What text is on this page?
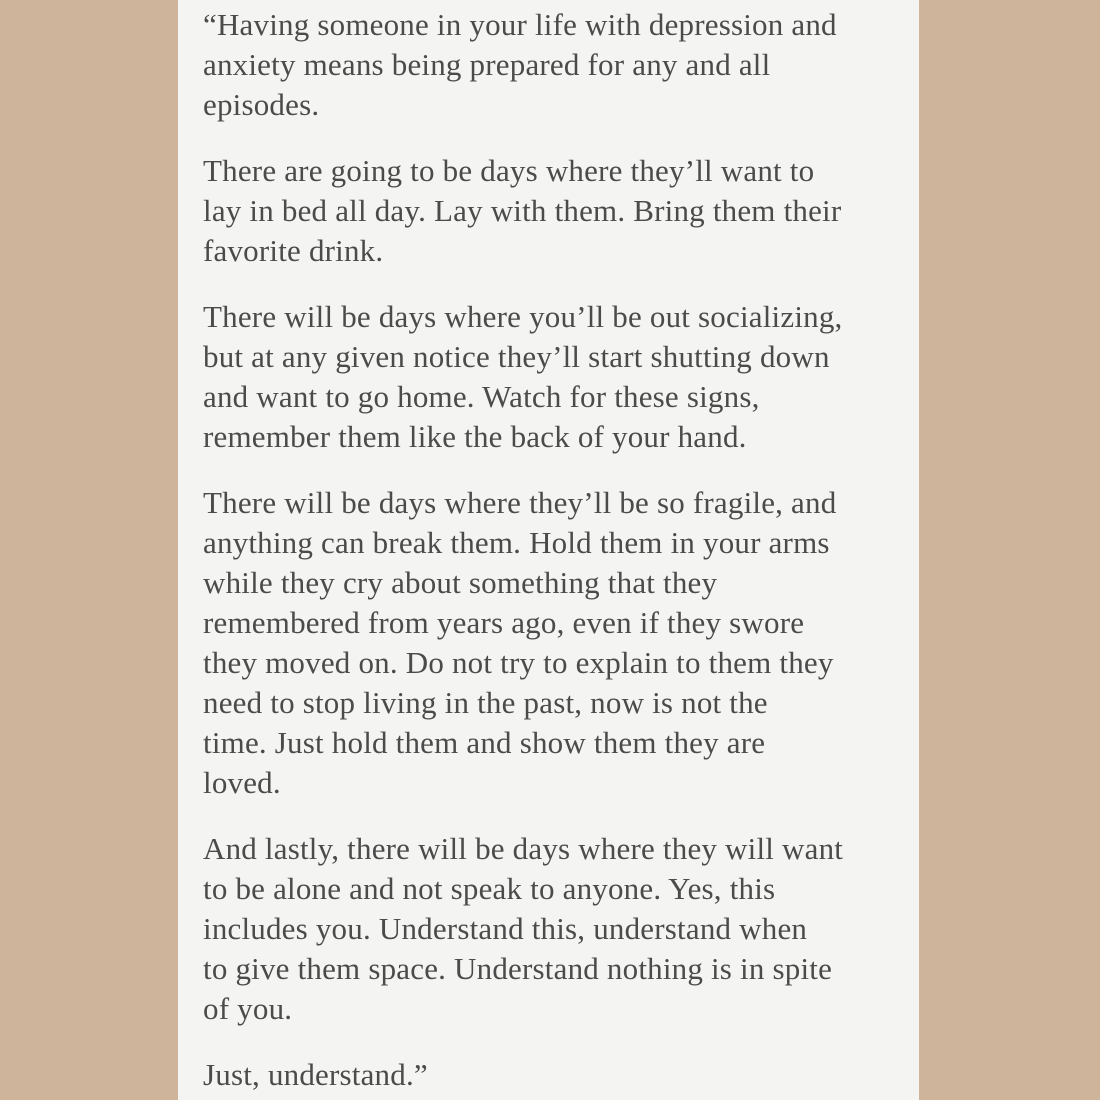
“Having someone in your life with depression and
anxiety means being prepared for any and all
episodes.

There are going to be days where they’ll want to
lay in bed all day. Lay with them. Bring them their
favorite drink.

There will be days where you’ll be out socializing,
but at any given notice they’ll start shutting down
and want to go home. Watch for these signs,
remember them like the back of your hand.

There will be days where they’ll be so fragile, and
anything can break them. Hold them in your arms
while they cry about something that they
remembered from years ago, even if they swore
they moved on. Do not try to explain to them they
need to stop living in the past, now is not the
time. Just hold them and show them they are
loved.

And lastly, there will be days where they will want
to be alone and not speak to anyone. Yes, this
includes you. Understand this, understand when
to give them space. Understand nothing is in spite
of you.

Just, understand.”
